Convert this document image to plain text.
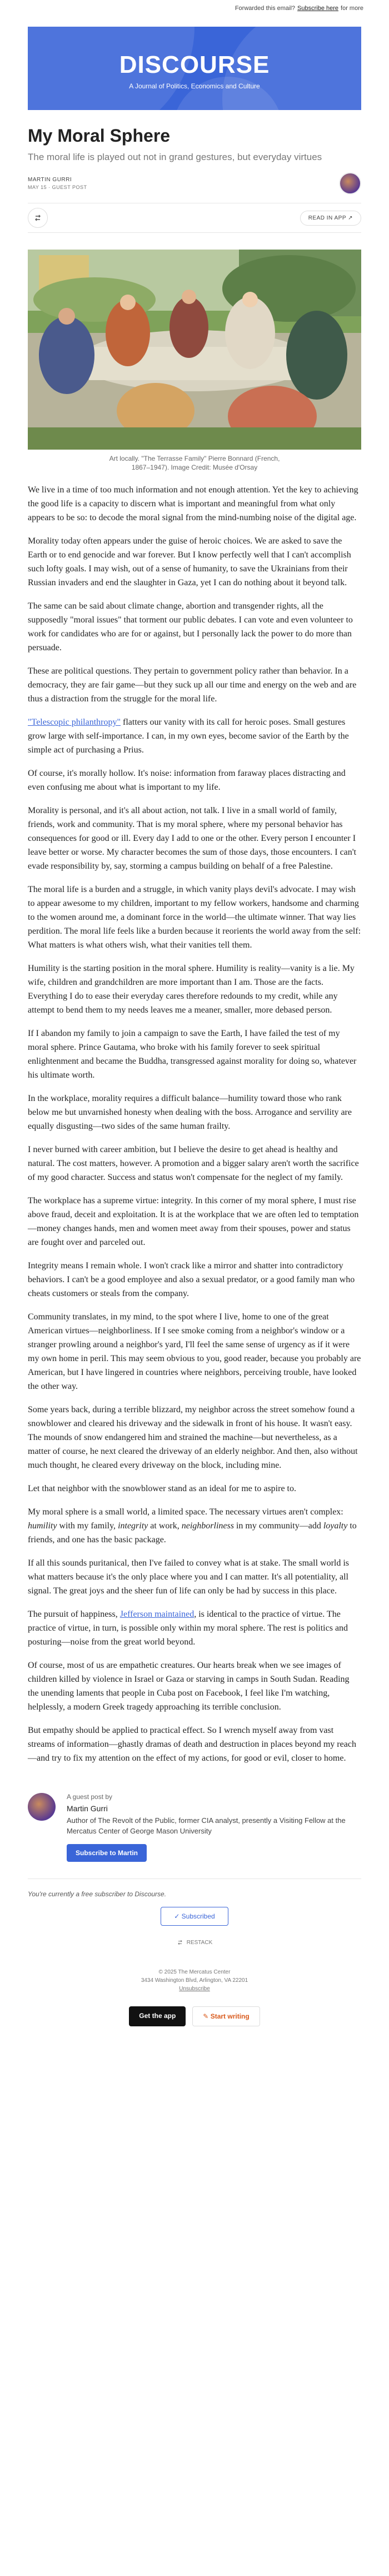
Forwarded this email? Subscribe here for more
DISCOURSE
A Journal of Politics, Economics and Culture
My Moral Sphere

The moral life is played out not in grand gestures, but everyday virtues

MARTIN GURRI
MAY 15 · GUEST POST
READ IN APP ↗

Art locally. "The Terrasse Family" Pierre Bonnard (French, 1867–1947). Image Credit: Musée d'Orsay

We live in a time of too much information and not enough attention. Yet the key to achieving the good life is a capacity to discern what is important and meaningful from what only appears to be so: to decode the moral signal from the mind-numbing noise of the digital age.

Morality today often appears under the guise of heroic choices. We are asked to save the Earth or to end genocide and war forever. But I know perfectly well that I can't accomplish such lofty goals. I may wish, out of a sense of humanity, to save the Ukrainians from their Russian invaders and end the slaughter in Gaza, yet I can do nothing about it beyond talk.

The same can be said about climate change, abortion and transgender rights, all the supposedly "moral issues" that torment our public debates. I can vote and even volunteer to work for candidates who are for or against, but I personally lack the power to do more than persuade.

These are political questions. They pertain to government policy rather than behavior. In a democracy, they are fair game—but they suck up all our time and energy on the web and are thus a distraction from the struggle for the moral life.

"Telescopic philanthropy" flatters our vanity with its call for heroic poses. Small gestures grow large with self-importance. I can, in my own eyes, become savior of the Earth by the simple act of purchasing a Prius.

Of course, it's morally hollow. It's noise: information from faraway places distracting and even confusing me about what is important to my life.

Morality is personal, and it's all about action, not talk. I live in a small world of family, friends, work and community. That is my moral sphere, where my personal behavior has consequences for good or ill. Every day I add to one or the other. Every person I encounter I leave better or worse. My character becomes the sum of those days, those encounters. I can't evade responsibility by, say, storming a campus building on behalf of a free Palestine.

The moral life is a burden and a struggle, in which vanity plays devil's advocate. I may wish to appear awesome to my children, important to my fellow workers, handsome and charming to the women around me, a dominant force in the world—the ultimate winner. That way lies perdition. The moral life feels like a burden because it reorients the world away from the self: What matters is what others wish, what their vanities tell them.

Humility is the starting position in the moral sphere. Humility is reality—vanity is a lie. My wife, children and grandchildren are more important than I am. Those are the facts. Everything I do to ease their everyday cares therefore redounds to my credit, while any attempt to bend them to my needs leaves me a meaner, smaller, more debased person.

If I abandon my family to join a campaign to save the Earth, I have failed the test of my moral sphere. Prince Gautama, who broke with his family forever to seek spiritual enlightenment and became the Buddha, transgressed against morality for doing so, whatever his ultimate worth.

In the workplace, morality requires a difficult balance—humility toward those who rank below me but unvarnished honesty when dealing with the boss. Arrogance and servility are equally disgusting—two sides of the same human frailty.

I never burned with career ambition, but I believe the desire to get ahead is healthy and natural. The cost matters, however. A promotion and a bigger salary aren't worth the sacrifice of my good character. Success and status won't compensate for the neglect of my family.

The workplace has a supreme virtue: integrity. In this corner of my moral sphere, I must rise above fraud, deceit and exploitation. It is at the workplace that we are often led to temptation—money changes hands, men and women meet away from their spouses, power and status are fought over and parceled out.

Integrity means I remain whole. I won't crack like a mirror and shatter into contradictory behaviors. I can't be a good employee and also a sexual predator, or a good family man who cheats customers or steals from the company.

Community translates, in my mind, to the spot where I live, home to one of the great American virtues—neighborliness. If I see smoke coming from a neighbor's window or a stranger prowling around a neighbor's yard, I'll feel the same sense of urgency as if it were my own home in peril. This may seem obvious to you, good reader, because you probably are American, but I have lingered in countries where neighbors, perceiving trouble, have looked the other way.

Some years back, during a terrible blizzard, my neighbor across the street somehow found a snowblower and cleared his driveway and the sidewalk in front of his house. It wasn't easy. The mounds of snow endangered him and strained the machine—but nevertheless, as a matter of course, he next cleared the driveway of an elderly neighbor. And then, also without much thought, he cleared every driveway on the block, including mine.

Let that neighbor with the snowblower stand as an ideal for me to aspire to.

My moral sphere is a small world, a limited space. The necessary virtues aren't complex: humility with my family, integrity at work, neighborliness in my community—add loyalty to friends, and one has the basic package.

If all this sounds puritanical, then I've failed to convey what is at stake. The small world is what matters because it's the only place where you and I can matter. It's all potentiality, all signal. The great joys and the sheer fun of life can only be had by success in this place.

The pursuit of happiness, Jefferson maintained, is identical to the practice of virtue. The practice of virtue, in turn, is possible only within my moral sphere. The rest is politics and posturing—noise from the great world beyond.

Of course, most of us are empathetic creatures. Our hearts break when we see images of children killed by violence in Israel or Gaza or starving in camps in South Sudan. Reading the unending laments that people in Cuba post on Facebook, I feel like I'm watching, helplessly, a modern Greek tragedy approaching its terrible conclusion.

But empathy should be applied to practical effect. So I wrench myself away from vast streams of information—ghastly dramas of death and destruction in places beyond my reach—and try to fix my attention on the effect of my actions, for good or evil, closer to home.

A guest post by

Martin Gurri

Author of The Revolt of the Public, former CIA analyst, presently a Visiting Fellow at the Mercatus Center of George Mason University

Subscribe to Martin
You're currently a free subscriber to Discourse.
✓ Subscribed
RESTACK
© 2025 The Mercatus Center
3434 Washington Blvd, Arlington, VA 22201
Unsubscribe
Get the app	✎ Start writing
